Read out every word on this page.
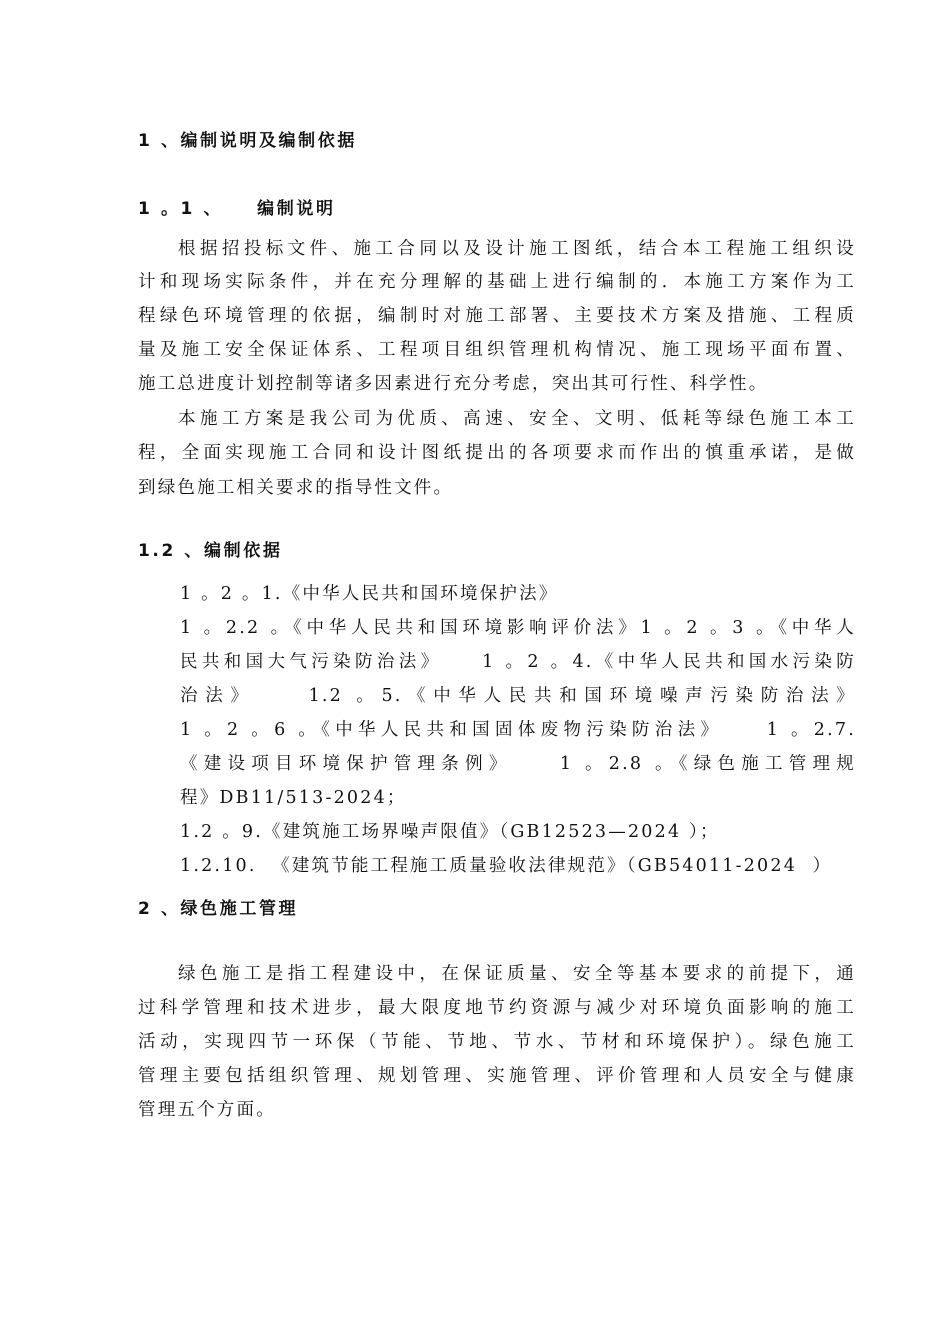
1 、编制说明及编制依据
1 。1 、    编制说明
根据招投标文件、施工合同以及设计施工图纸，结合本工程施工组织设
计和现场实际条件，并在充分理解的基础上进行编制的．本施工方案作为工
程绿色环境管理的依据，编制时对施工部署、主要技术方案及措施、工程质
量及施工安全保证体系、工程项目组织管理机构情况、施工现场平面布置、
施工总进度计划控制等诸多因素进行充分考虑，突出其可行性、科学性。
本施工方案是我公司为优质、高速、安全、文明、低耗等绿色施工本工
程，全面实现施工合同和设计图纸提出的各项要求而作出的慎重承诺，是做
到绿色施工相关要求的指导性文件。
1.2 、编制依据
1 。2 。1.《中华人民共和国环境保护法》
1 。2.2 。《中华人民共和国环境影响评价法》1 。2 。3 。《中华人
民共和国大气污染防治法》    1 。2 。4.《中华人民共和国水污染防
治法》    1.2 。5.《中华人民共和国环境噪声污染防治法》
1 。2 。6 。《中华人民共和国固体废物污染防治法》    1 。2.7.
《建设项目环境保护管理条例》    1 。2.8 。《绿色施工管理规
程》DB11/513-2024；
1.2 。9.《建筑施工场界噪声限值》（GB12523—2024 ）；
1.2.10.  《建筑节能工程施工质量验收法律规范》（GB54011-2024  ）
2 、绿色施工管理
绿色施工是指工程建设中，在保证质量、安全等基本要求的前提下，通
过科学管理和技术进步，最大限度地节约资源与减少对环境负面影响的施工
活动，实现四节一环保（节能、节地、节水、节材和环境保护）。绿色施工
管理主要包括组织管理、规划管理、实施管理、评价管理和人员安全与健康
管理五个方面。
